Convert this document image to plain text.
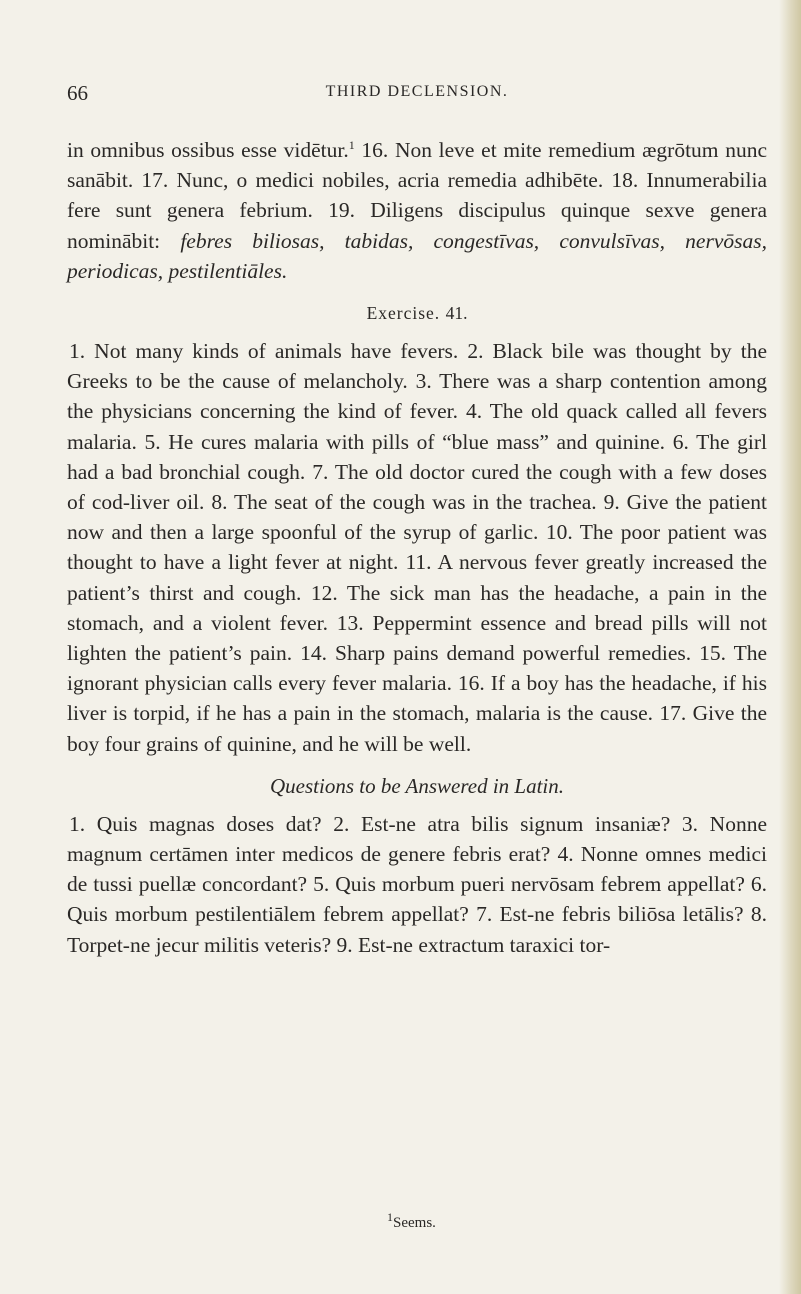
66	THIRD DECLENSION.

in omnibus ossibus esse vidētur.$^1$ 16. Non leve et mite remedium ægrōtum nunc sanābit. 17. Nunc, o medici nobiles, acria remedia adhibēte. 18. Innumerabilia fere sunt genera febrium. 19. Diligens discipulus quinque sexve genera nominābit: febres biliosas, tabidas, congestīvas, convulsīvas, nervōsas, periodicas, pestilentiāles.

Exercise. 41.

1. Not many kinds of animals have fevers. 2. Black bile was thought by the Greeks to be the cause of melancholy. 3. There was a sharp contention among the physicians concerning the kind of fever. 4. The old quack called all fevers malaria. 5. He cures malaria with pills of “blue mass” and quinine. 6. The girl had a bad bronchial cough. 7. The old doctor cured the cough with a few doses of cod-liver oil. 8. The seat of the cough was in the trachea. 9. Give the patient now and then a large spoonful of the syrup of garlic. 10. The poor patient was thought to have a light fever at night. 11. A nervous fever greatly increased the patient’s thirst and cough. 12. The sick man has the headache, a pain in the stomach, and a violent fever. 13. Peppermint essence and bread pills will not lighten the patient’s pain. 14. Sharp pains demand powerful remedies. 15. The ignorant physician calls every fever malaria. 16. If a boy has the headache, if his liver is torpid, if he has a pain in the stomach, malaria is the cause. 17. Give the boy four grains of quinine, and he will be well.

Questions to be Answered in Latin.

1. Quis magnas doses dat? 2. Est-ne atra bilis signum insaniæ? 3. Nonne magnum certāmen inter medicos de genere febris erat? 4. Nonne omnes medici de tussi puellæ concordant? 5. Quis morbum pueri nervōsam febrem appellat? 6. Quis morbum pestilentiālem febrem appellat? 7. Est-ne febris biliōsa letālis? 8. Torpet-ne jecur militis veteris? 9. Est-ne extractum taraxici tor-

$^1$Seems.
